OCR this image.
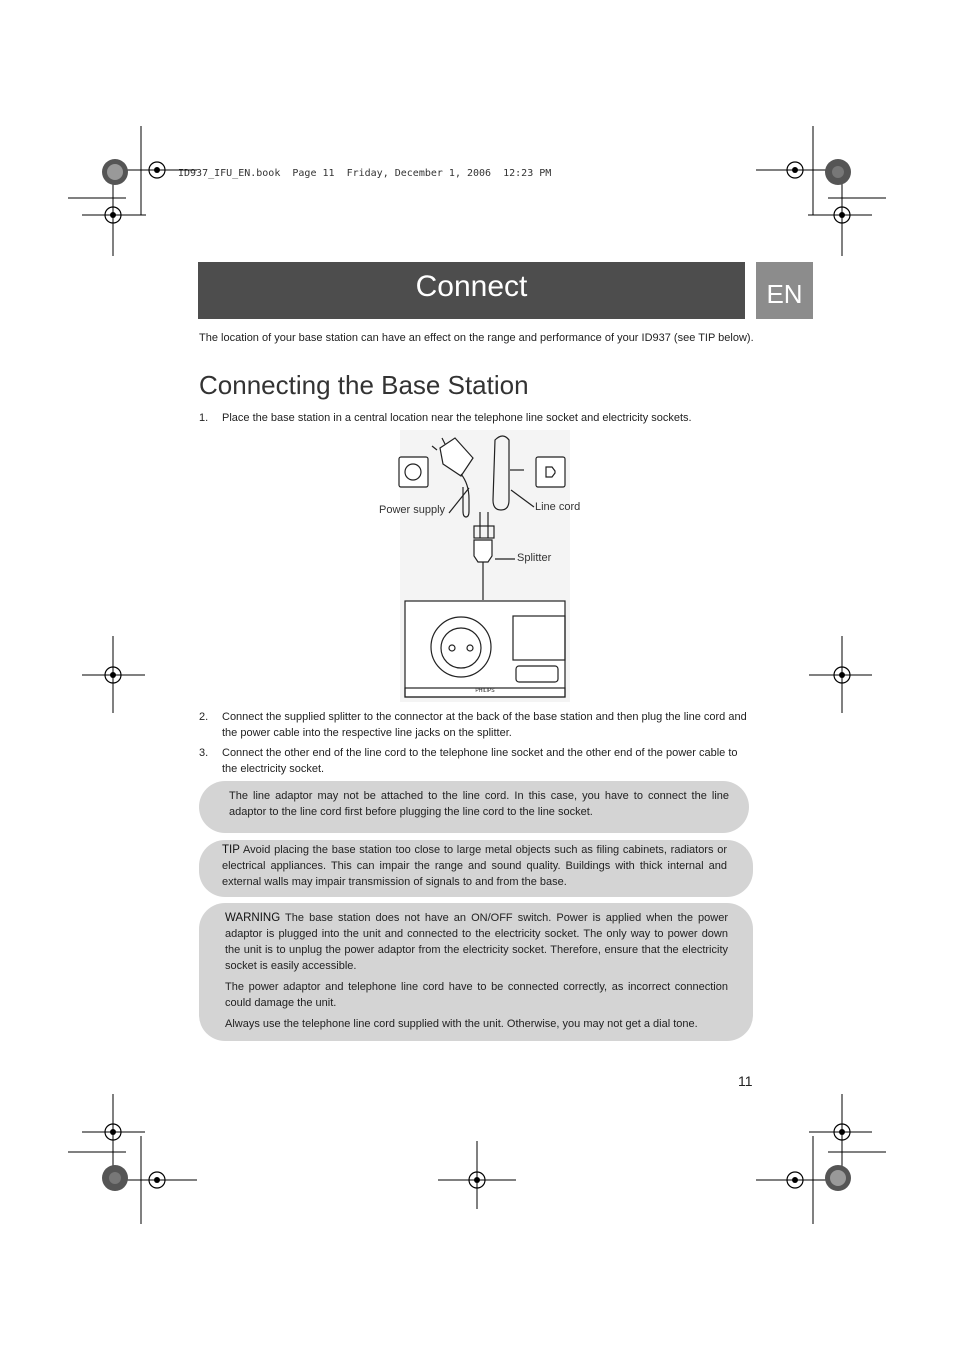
ID937_IFU_EN.book  Page 11  Friday, December 1, 2006  12:23 PM
Connect	EN
The location of your base station can have an effect on the range and performance of your ID937 (see TIP below).
Connecting the Base Station
1. Place the base station in a central location near the telephone line socket and electricity sockets.
PHILIPS
Power supply	Line cord
Splitter
2. Connect the supplied splitter to the connector at the back of the base station and then plug the line cord and the power cable into the respective line jacks on the splitter.
3. Connect the other end of the line cord to the telephone line socket and the other end of the power cable to the electricity socket.

The line adaptor may not be attached to the line cord. In this case, you have to connect the line adaptor to the line cord first before plugging the line cord to the line socket.

TIP Avoid placing the base station too close to large metal objects such as filing cabinets, radiators or electrical appliances. This can impair the range and sound quality. Buildings with thick internal and external walls may impair transmission of signals to and from the base.

WARNING The base station does not have an ON/OFF switch. Power is applied when the power adaptor is plugged into the unit and connected to the electricity socket. The only way to power down the unit is to unplug the power adaptor from the electricity socket. Therefore, ensure that the electricity socket is easily accessible.

The power adaptor and telephone line cord have to be connected correctly, as incorrect connection could damage the unit.

Always use the telephone line cord supplied with the unit. Otherwise, you may not get a dial tone.

11
